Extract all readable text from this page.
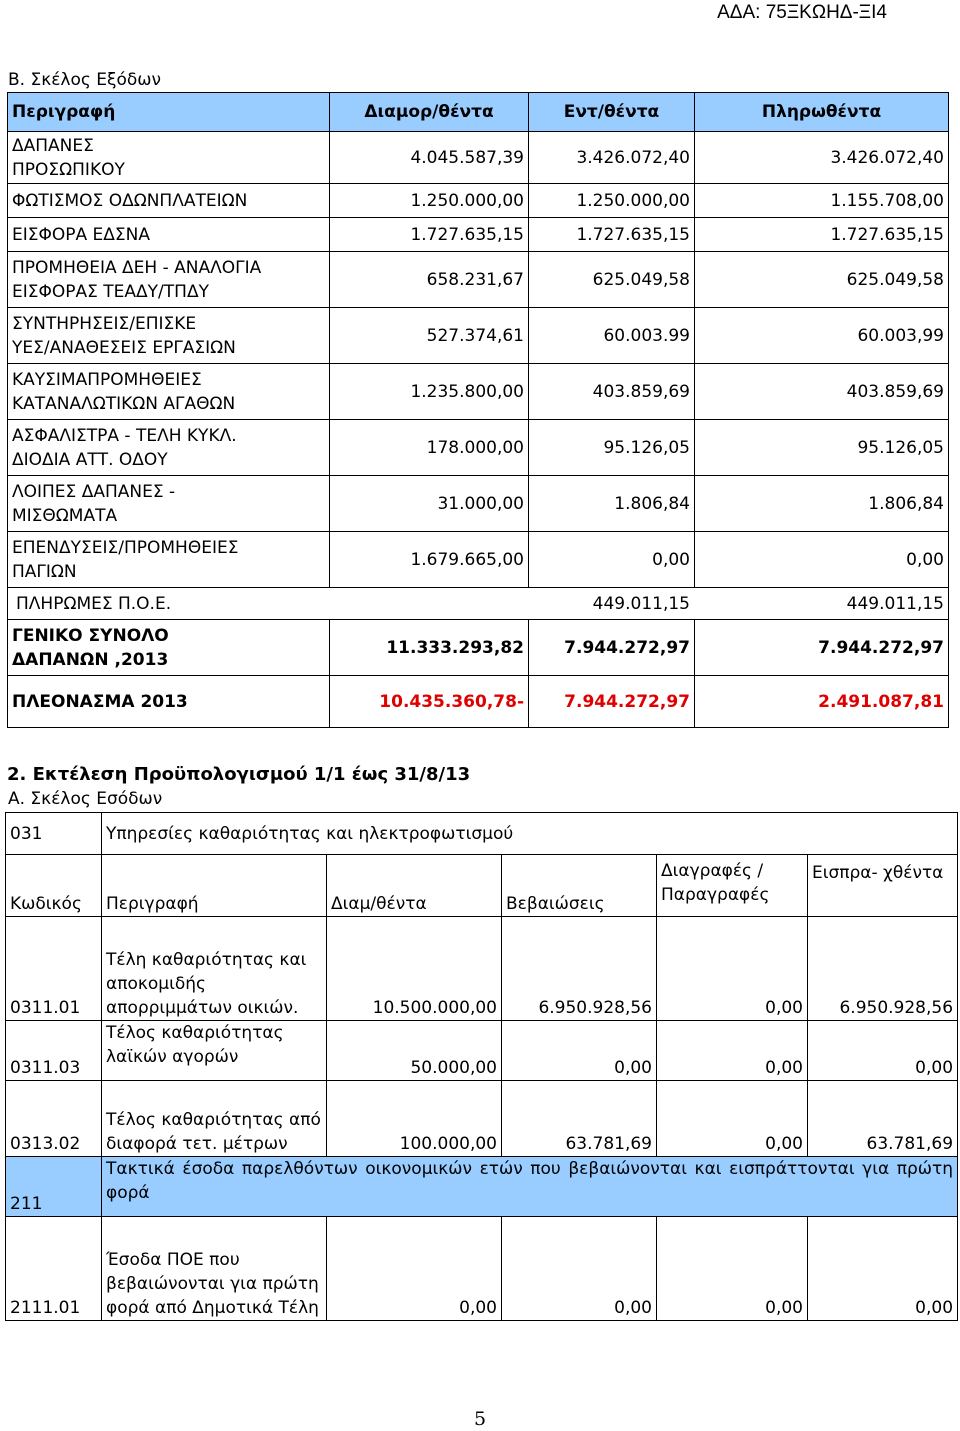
ΑΔΑ: 75ΞΚΩΗΔ-ΞΙ4
Β. Σκέλος Εξόδων
Περιγραφή	Διαμορ/θέντα	Εντ/θέντα	Πληρωθέντα

ΔΑΠΑΝΕΣ
ΠΡΟΣΩΠΙΚΟΥ	4.045.587,39	3.426.072,40	3.426.072,40

ΦΩΤΙΣΜΟΣ ΟΔΩΝΠΛΑΤΕΙΩΝ	1.250.000,00	1.250.000,00	1.155.708,00

ΕΙΣΦΟΡΑ ΕΔΣΝΑ	1.727.635,15	1.727.635,15	1.727.635,15

ΠΡΟΜΗΘΕΙΑ ΔΕΗ - ΑΝΑΛΟΓΙΑ
ΕΙΣΦΟΡΑΣ ΤΕΑΔΥ/ΤΠΔΥ	658.231,67	625.049,58	625.049,58

ΣΥΝΤΗΡΗΣΕΙΣ/ΕΠΙΣΚΕ
ΥΕΣ/ΑΝΑΘΕΣΕΙΣ ΕΡΓΑΣΙΩΝ	527.374,61	60.003.99	60.003,99

ΚΑΥΣΙΜΑΠΡΟΜΗΘΕΙΕΣ
ΚΑΤΑΝΑΛΩΤΙΚΩΝ ΑΓΑΘΩΝ	1.235.800,00	403.859,69	403.859,69

ΑΣΦΑΛΙΣΤΡΑ - ΤΕΛΗ ΚΥΚΛ.
ΔΙΟΔΙΑ ΑΤΤ. ΟΔΟΥ	178.000,00	95.126,05	95.126,05

ΛΟΙΠΕΣ ΔΑΠΑΝΕΣ -
ΜΙΣΘΩΜΑΤΑ	31.000,00	1.806,84	1.806,84

ΕΠΕΝΔΥΣΕΙΣ/ΠΡΟΜΗΘΕΙΕΣ
ΠΑΓΙΩΝ	1.679.665,00	0,00	0,00
ΠΛΗΡΩΜΕΣ Π.Ο.Ε.		449.011,15	449.011,15

ΓΕΝΙΚΟ ΣΥΝΟΛΟ
ΔΑΠΑΝΩΝ ,2013	11.333.293,82	7.944.272,97	7.944.272,97
ΠΛΕΟΝΑΣΜΑ 2013	10.435.360,78-	7.944.272,97	2.491.087,81
2. Εκτέλεση Προϋπολογισμού 1/1 έως 31/8/13
Α. Σκέλος Εσόδων
031	Υπηρεσίες καθαριότητας και ηλεκτροφωτισμού				
Κωδικός	Περιγραφή	Διαμ/θέντα	Βεβαιώσεις	Διαγραφές / Παραγραφές	Εισπρα- χθέντα
0311.01	Τέλη καθαριότητας και αποκομιδής απορριμμάτων οικιών.	10.500.000,00	6.950.928,56	0,00	6.950.928,56
0311.03	Τέλος καθαριότητας λαϊκών αγορών	50.000,00	0,00	0,00	0,00
0313.02	Τέλος καθαριότητας από διαφορά τετ. μέτρων	100.000,00	63.781,69	0,00	63.781,69
211	Τακτικά έσοδα παρελθόντων οικονομικών ετών που βεβαιώνονται και εισπράττονται για πρώτη φορά				
2111.01	Έσοδα ΠΟΕ που βεβαιώνονται για πρώτη φορά από Δημοτικά Τέλη	0,00	0,00	0,00	0,00
5
